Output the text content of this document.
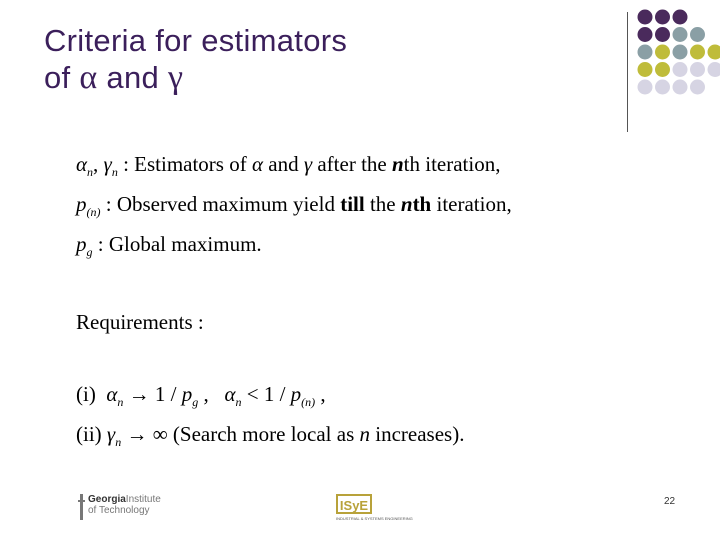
Criteria for estimators
of α and γ
$\alpha_n$, $\gamma_n$ : Estimators of α and γ after the nth iteration,
$p_{(n)}$ : Observed maximum yield till the nth iteration,
$p_g$ : Global maximum.
Requirements :
(i) $\alpha_n \to 1 / p_g$ , $\alpha_n < 1 / p_{(n)}$ ,
(ii) $\gamma_n$ → ∞ (Search more local as n increases).
GeorgiaInstitute
of Technology	ISyE
INDUSTRIAL & SYSTEMS ENGINEERING
22
